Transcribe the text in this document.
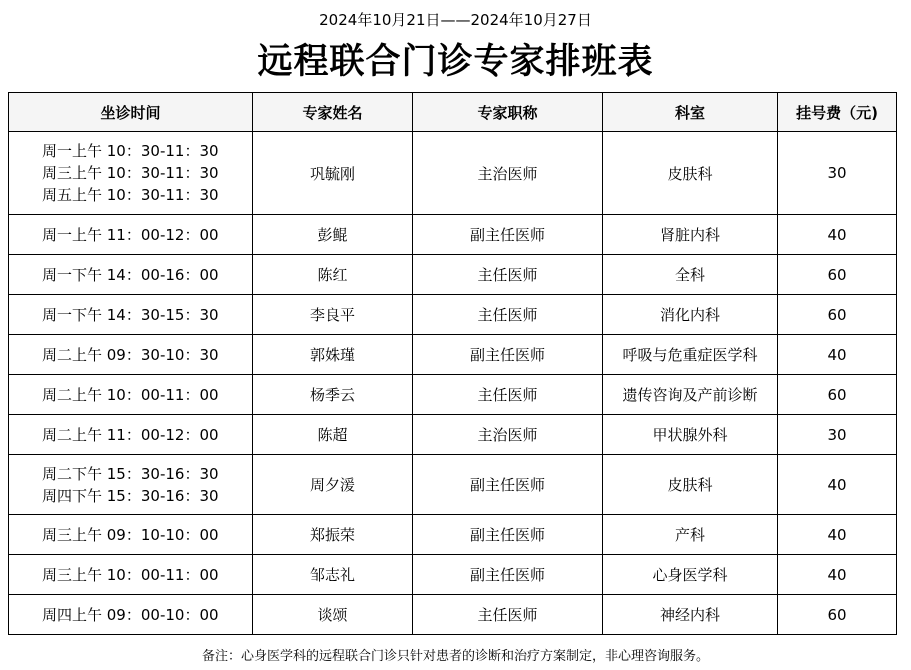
2024年10月21日——2024年10月27日
远程联合门诊专家排班表
坐诊时间	专家姓名	专家职称	科室	挂号费（元)

周一上午 10：30-11：30
周三上午 10：30-11：30
周五上午 10：30-11：30	巩毓刚	主治医师	皮肤科	30

周一上午 11：00-12：00	彭鲲	副主任医师	肾脏内科	40

周一下午 14：00-16：00	陈红	主任医师	全科	60

周一下午 14：30-15：30	李良平	主任医师	消化内科	60

周二上午 09：30-10：30	郭姝瑾	副主任医师	呼吸与危重症医学科	40

周二上午 10：00-11：00	杨季云	主任医师	遗传咨询及产前诊断	60

周二上午 11：00-12：00	陈超	主治医师	甲状腺外科	30

周二下午 15：30-16：30
周四下午 15：30-16：30	周夕湲	副主任医师	皮肤科	40

周三上午 09：10-10：00	郑振荣	副主任医师	产科	40

周三上午 10：00-11：00	邹志礼	副主任医师	心身医学科	40

周四上午 09：00-10：00	谈颂	主任医师	神经内科	60
备注：心身医学科的远程联合门诊只针对患者的诊断和治疗方案制定，非心理咨询服务。
